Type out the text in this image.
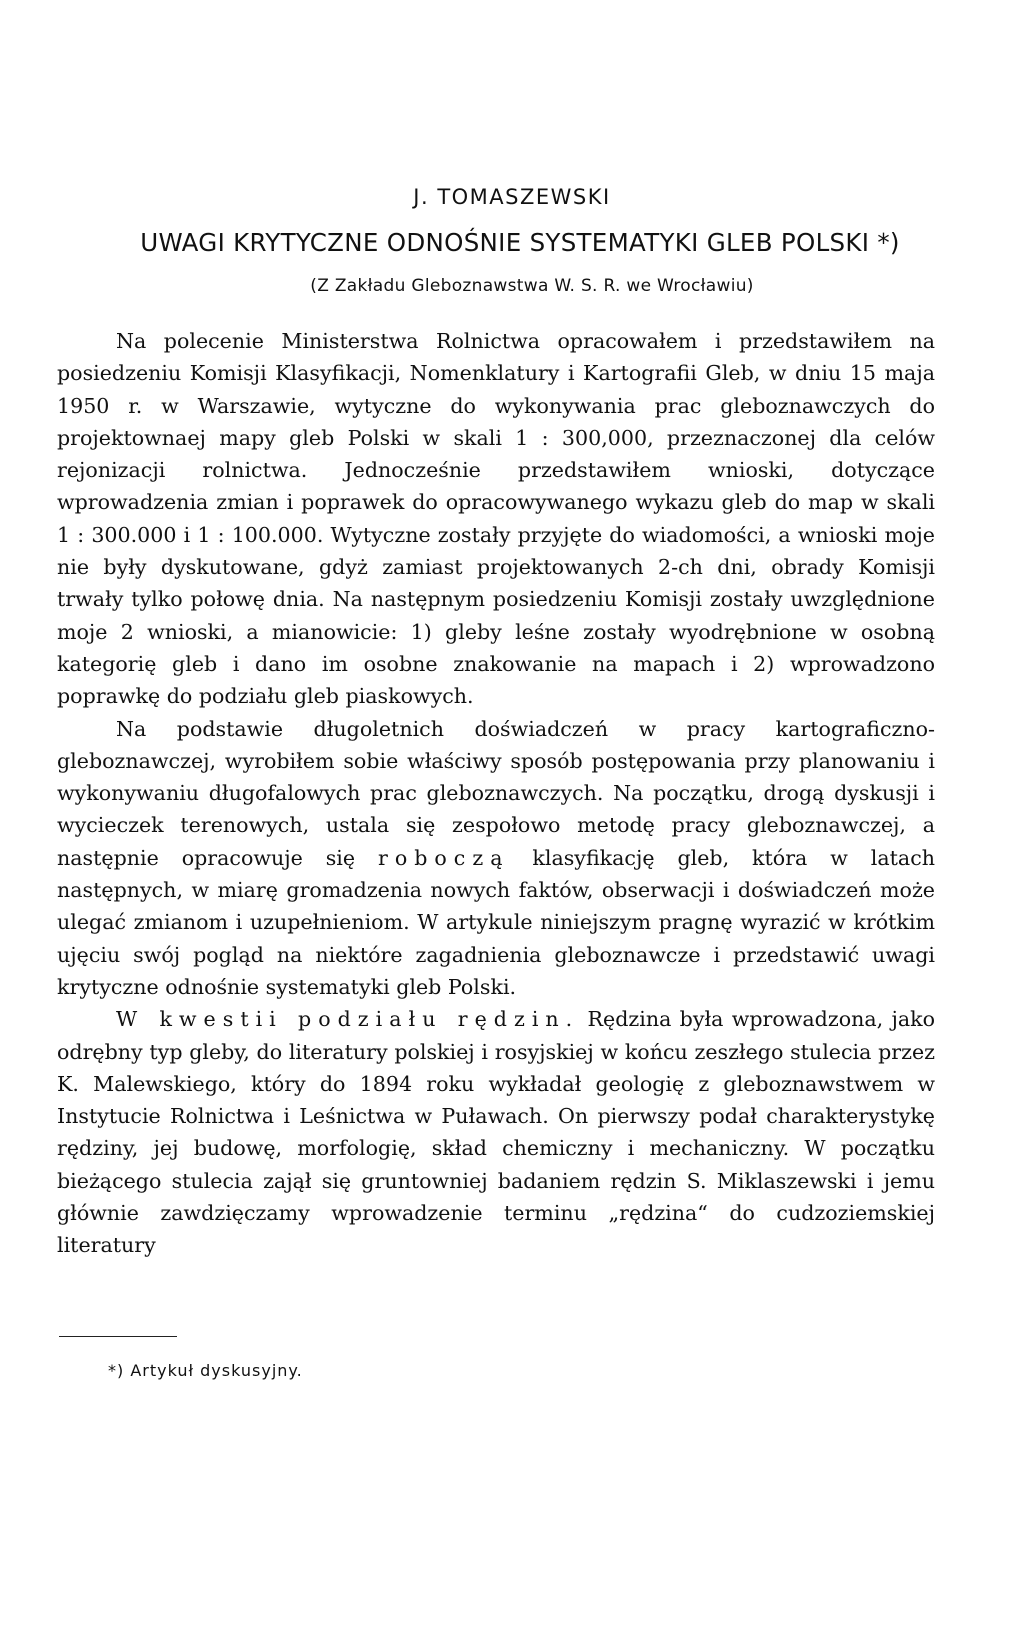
J. TOMASZEWSKI
UWAGI KRYTYCZNE ODNOŚNIE SYSTEMATYKI GLEB POLSKI *)
(Z Zakładu Gleboznawstwa W. S. R. we Wrocławiu)

Na polecenie Ministerstwa Rolnictwa opracowałem i przedstawiłem na posiedzeniu Komisji Klasyfikacji, Nomenklatury i Kartografii Gleb, w dniu 15 maja 1950 r. w Warszawie, wytyczne do wykonywania prac gleboznawczych do projektownaej mapy gleb Polski w skali 1 : 300,000, przeznaczonej dla celów rejonizacji rolnictwa. Jednocześnie przedstawiłem wnioski, dotyczące wprowadzenia zmian i poprawek do opracowywanego wykazu gleb do map w skali 1 : 300.000 i 1 : 100.000. Wytyczne zostały przyjęte do wiadomości, a wnioski moje nie były dyskutowane, gdyż zamiast projektowanych 2-ch dni, obrady Komisji trwały tylko połowę dnia. Na następnym posiedzeniu Komisji zostały uwzględnione moje 2 wnioski, a mianowicie: 1) gleby leśne zostały wyodrębnione w osobną kategorię gleb i dano im osobne znakowanie na mapach i 2) wprowadzono poprawkę do podziału gleb piaskowych.

Na podstawie długoletnich doświadczeń w pracy kartograficzno-gleboznawczej, wyrobiłem sobie właściwy sposób postępowania przy planowaniu i wykonywaniu długofalowych prac gleboznawczych. Na początku, drogą dyskusji i wycieczek terenowych, ustala się zespołowo metodę pracy gleboznawczej, a następnie opracowuje się roboczą klasyfikację gleb, która w latach następnych, w miarę gromadzenia nowych faktów, obserwacji i doświadczeń może ulegać zmianom i uzupełnieniom. W artykule niniejszym pragnę wyrazić w krótkim ujęciu swój pogląd na niektóre zagadnienia gleboznawcze i przedstawić uwagi krytyczne odnośnie systematyki gleb Polski.

W kwestii podziału rędzin. Rędzina była wprowadzona, jako odrębny typ gleby, do literatury polskiej i rosyjskiej w końcu zeszłego stulecia przez K. Malewskiego, który do 1894 roku wykładał geologię z gleboznawstwem w Instytucie Rolnictwa i Leśnictwa w Puławach. On pierwszy podał charakterystykę rędziny, jej budowę, morfologię, skład chemiczny i mechaniczny. W początku bieżącego stulecia zajął się gruntowniej badaniem rędzin S. Miklaszewski i jemu głównie zawdzięczamy wprowadzenie terminu „rędzina“ do cudzoziemskiej literatury

*) Artykuł dyskusyjny.
